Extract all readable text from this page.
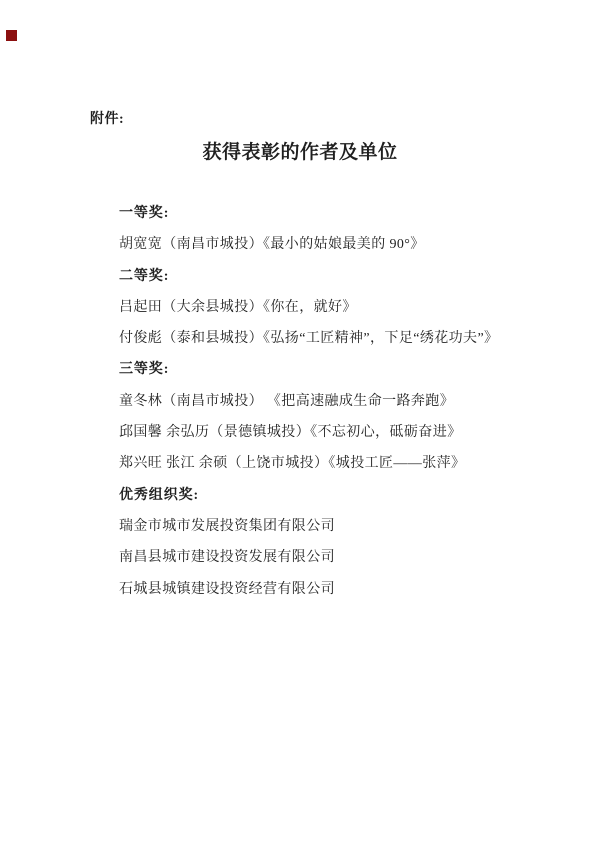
附件:
获得表彰的作者及单位
一等奖:
胡宽宽（南昌市城投）《最小的姑娘最美的 90°》
二等奖:
吕起田（大余县城投）《你在，就好》
付俊彪（泰和县城投）《弘扬“工匠精神”，下足“绣花功夫”》
三等奖:
童冬林（南昌市城投） 《把高速融成生命一路奔跑》
邱国馨 余弘历（景德镇城投）《不忘初心，砥砺奋进》
郑兴旺 张江 余硕（上饶市城投）《城投工匠——张萍》
优秀组织奖:
瑞金市城市发展投资集团有限公司
南昌县城市建设投资发展有限公司
石城县城镇建设投资经营有限公司
